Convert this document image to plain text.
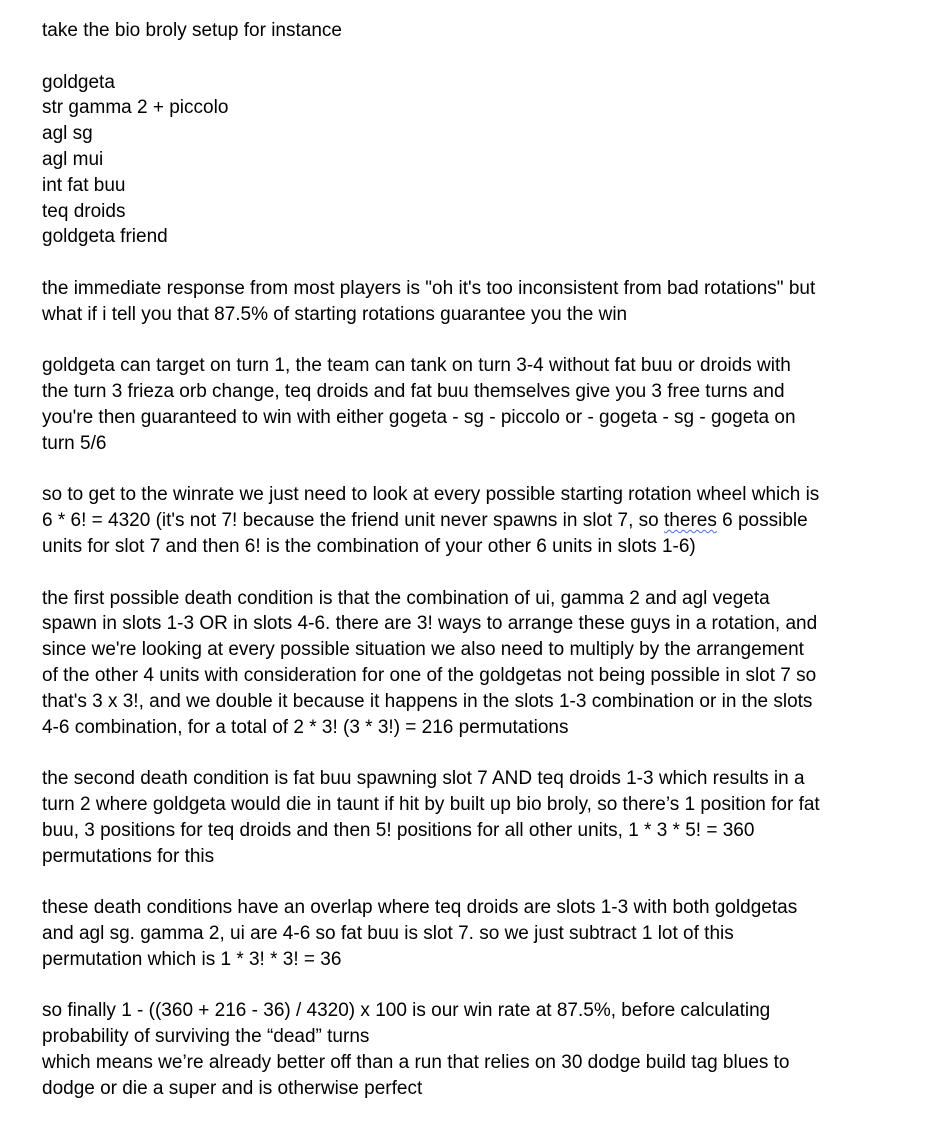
take the bio broly setup for instance

goldgeta

str gamma 2 + piccolo

agl sg

agl mui

int fat buu

teq droids

goldgeta friend

the immediate response from most players is "oh it's too inconsistent from bad rotations" but

what if i tell you that 87.5% of starting rotations guarantee you the win

goldgeta can target on turn 1, the team can tank on turn 3-4 without fat buu or droids with

the turn 3 frieza orb change, teq droids and fat buu themselves give you 3 free turns and

you're then guaranteed to win with either gogeta - sg - piccolo or - gogeta - sg - gogeta on

turn 5/6

so to get to the winrate we just need to look at every possible starting rotation wheel which is

6 * 6! = 4320 (it's not 7! because the friend unit never spawns in slot 7, so theres 6 possible

units for slot 7 and then 6! is the combination of your other 6 units in slots 1-6)

the first possible death condition is that the combination of ui, gamma 2 and agl vegeta

spawn in slots 1-3 OR in slots 4-6. there are 3! ways to arrange these guys in a rotation, and

since we're looking at every possible situation we also need to multiply by the arrangement

of the other 4 units with consideration for one of the goldgetas not being possible in slot 7 so

that's 3 x 3!, and we double it because it happens in the slots 1-3 combination or in the slots

4-6 combination, for a total of 2 * 3! (3 * 3!) = 216 permutations

the second death condition is fat buu spawning slot 7 AND teq droids 1-3 which results in a

turn 2 where goldgeta would die in taunt if hit by built up bio broly, so there’s 1 position for fat

buu, 3 positions for teq droids and then 5! positions for all other units, 1 * 3 * 5! = 360

permutations for this

these death conditions have an overlap where teq droids are slots 1-3 with both goldgetas

and agl sg. gamma 2, ui are 4-6 so fat buu is slot 7. so we just subtract 1 lot of this

permutation which is 1 * 3! * 3! = 36

so finally 1 - ((360 + 216 - 36) / 4320) x 100 is our win rate at 87.5%, before calculating

probability of surviving the “dead” turns

which means we’re already better off than a run that relies on 30 dodge build tag blues to

dodge or die a super and is otherwise perfect
